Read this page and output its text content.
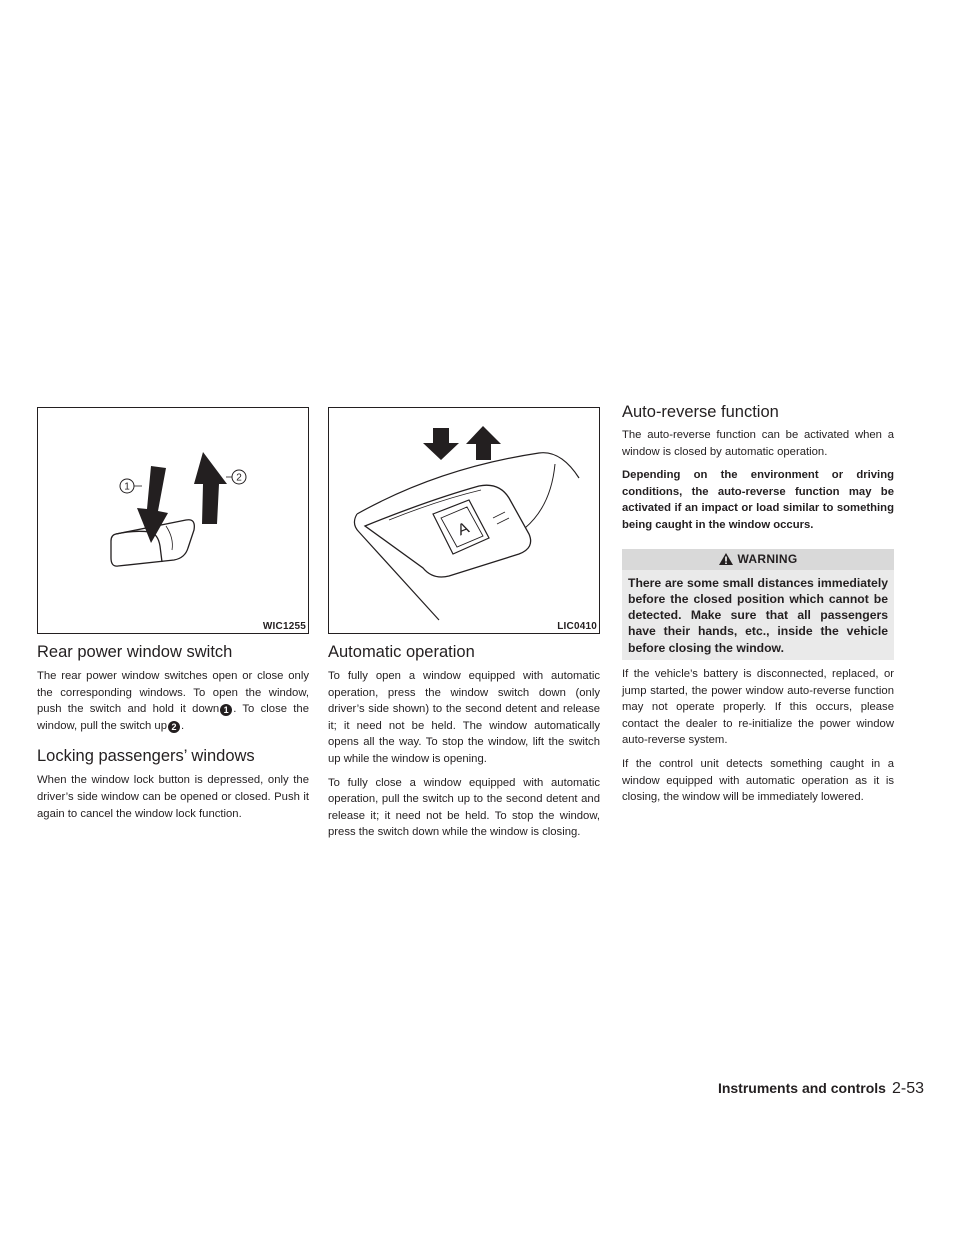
1
2
WIC1255
Rear power window switch

The rear power window switches open or close only the corresponding windows. To open the window, push the switch and hold it down 1 . To close the window, pull the switch up 2 .

Locking passengers’ windows

When the window lock button is depressed, only the driver’s side window can be opened or closed. Push it again to cancel the window lock function.

A
LIC0410
Automatic operation

To fully open a window equipped with automatic operation, press the window switch down (only driver’s side shown) to the second detent and release it; it need not be held. The window automatically opens all the way. To stop the window, lift the switch up while the window is opening.

To fully close a window equipped with automatic operation, pull the switch up to the second detent and release it; it need not be held. To stop the window, press the switch down while the window is closing.

Auto-reverse function

The auto-reverse function can be activated when a window is closed by automatic operation.

Depending on the environment or driving conditions, the auto-reverse function may be activated if an impact or load similar to something being caught in the window occurs.

WARNING
There are some small distances immediately before the closed position which cannot be detected. Make sure that all passengers have their hands, etc., inside the vehicle before closing the window.

If the vehicle’s battery is disconnected, replaced, or jump started, the power window auto-reverse function may not operate properly. If this occurs, please contact the dealer to re-initialize the power window auto-reverse system.

If the control unit detects something caught in a window equipped with automatic operation as it is closing, the window will be immediately lowered.

Instruments and controls 2-53
